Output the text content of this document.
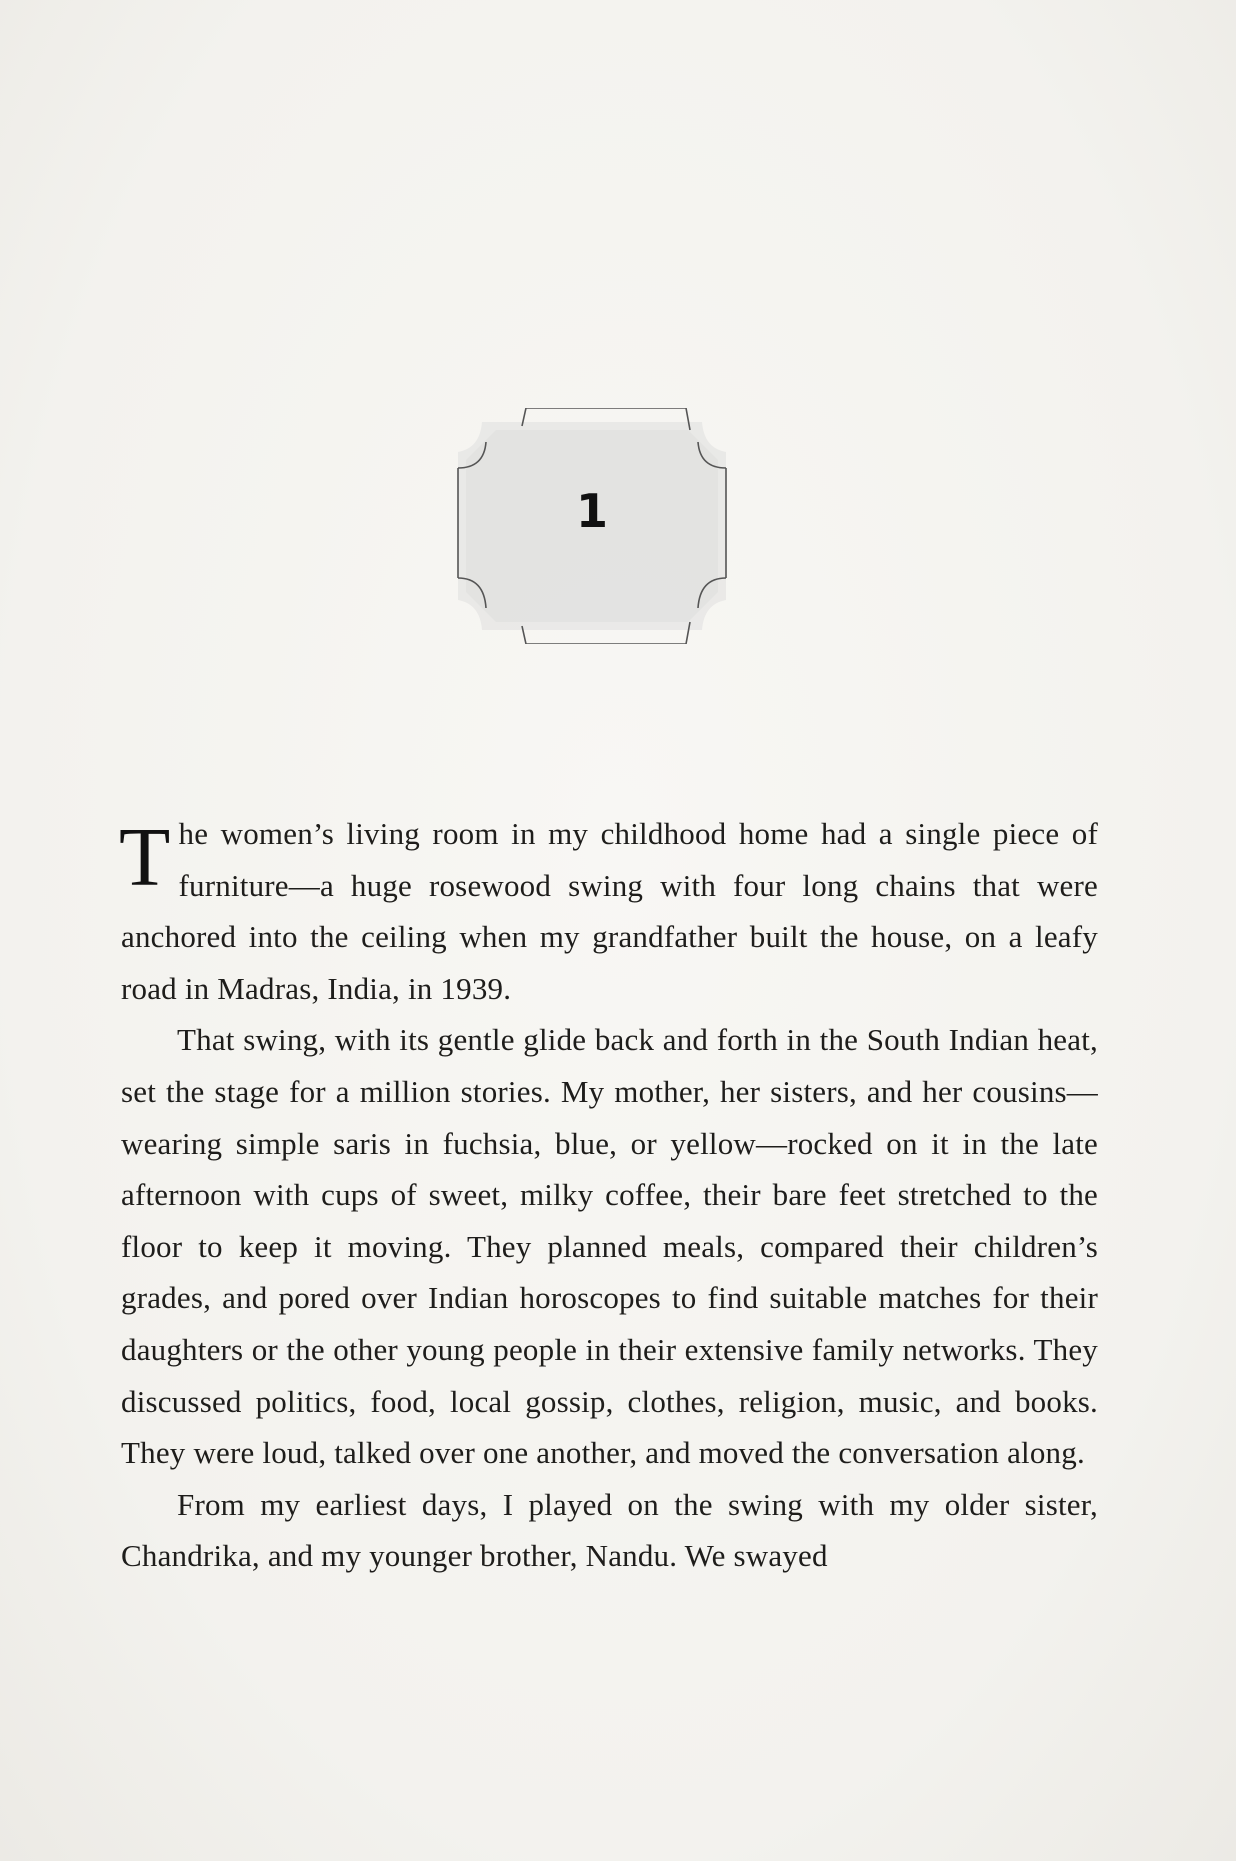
1

The women’s living room in my childhood home had a single piece of furniture—a huge rosewood swing with four long chains that were anchored into the ceiling when my grandfather built the house, on a leafy road in Madras, India, in 1939.

That swing, with its gentle glide back and forth in the South Indian heat, set the stage for a million stories. My mother, her sisters, and her cousins—wearing simple saris in fuchsia, blue, or yellow—rocked on it in the late afternoon with cups of sweet, milky coffee, their bare feet stretched to the floor to keep it moving. They planned meals, compared their children’s grades, and pored over Indian horoscopes to find suitable matches for their daughters or the other young people in their extensive family networks. They discussed politics, food, local gossip, clothes, religion, music, and books. They were loud, talked over one another, and moved the conversation along.

From my earliest days, I played on the swing with my older sister, Chandrika, and my younger brother, Nandu. We swayed
